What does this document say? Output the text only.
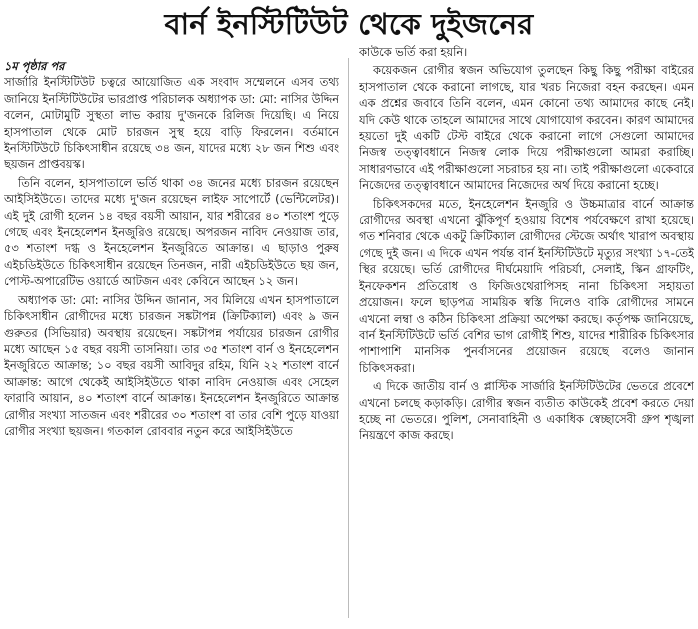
বার্ন ইনস্টিটিউট থেকে দুইজনের
১ম পৃষ্ঠার পর

সার্জারি ইনস্টিটিউট চত্বরে আয়োজিত এক সংবাদ সম্মেলনে এসব তথ্য জানিয়ে ইনস্টিটিউটের ভারপ্রাপ্ত পরিচালক অধ্যাপক ডা: মো: নাসির উদ্দিন বলেন, মোটামুটি সুস্থতা লাভ করায় দু'জনকে রিলিজ দিয়েছি। এ নিয়ে হাসপাতাল থেকে মোট চারজন সুস্থ হয়ে বাড়ি ফিরলেন। বর্তমানে ইনস্টিটিউটে চিকিৎসাধীন রয়েছে ৩৪ জন, যাদের মধ্যে ২৮ জন শিশু এবং ছয়জন প্রাপ্তবয়স্ক।

তিনি বলেন, হাসপাতালে ভর্তি থাকা ৩৪ জনের মধ্যে চারজন রয়েছেন আইসিইউতে। তাদের মধ্যে দু'জন রয়েছেন লাইফ সাপোর্টে (ভেন্টিলেটর)। এই দুই রোগী হলেন ১৪ বছর বয়সী আয়ান, যার শরীরের ৪০ শতাংশ পুড়ে গেছে এবং ইনহেলেশন ইনজুরিও রয়েছে। অপরজন নাবিদ নেওয়াজ তার, ৫৩ শতাংশ দগ্ধ ও ইনহেলেশন ইনজুরিতে আক্রান্ত। এ ছাড়াও পুরুষ এইচডিইউতে চিকিৎসাধীন রয়েছেন তিনজন, নারী এইচডিইউতে ছয় জন, পোস্ট-অপারেটিভ ওয়ার্ডে আটজন এবং কেবিনে আছেন ১২ জন।

অধ্যাপক ডা: মো: নাসির উদ্দিন জানান, সব মিলিয়ে এখন হাসপাতালে চিকিৎসাধীন রোগীদের মধ্যে চারজন সঙ্কটাপন্ন (ক্রিটিক্যাল) এবং ৯ জন গুরুতর (সিভিয়ার) অবস্থায় রয়েছেন। সঙ্কটাপন্ন পর্যায়ের চারজন রোগীর মধ্যে আছেন ১৫ বছর বয়সী তাসনিয়া। তার ৩৫ শতাংশ বার্ন ও ইনহেলেশন ইনজুরিতে আক্রান্ত; ১০ বছর বয়সী আবিদুর রহিম, যিনি ২২ শতাংশ বার্নে আক্রান্ত: আগে থেকেই আইসিইউতে থাকা নাবিদ নেওয়াজ এবং সেহেল ফারাবি আয়ান, ৪০ শতাংশ বার্নে আক্রান্ত। ইনহেলেশন ইনজুরিতে আক্রান্ত রোগীর সংখ্যা সাতজন এবং শরীরের ৩০ শতাংশ বা তার বেশি পুড়ে যাওয়া রোগীর সংখ্যা ছয়জন। গতকাল রোববার নতুন করে আইসিইউতে

কাউকে ভর্তি করা হয়নি।

কয়েকজন রোগীর স্বজন অভিযোগ তুলছেন কিছু কিছু পরীক্ষা বাইরের হাসপাতাল থেকে করানো লাগছে, যার খরচ নিজেরা বহন করছেন। এমন এক প্রশ্নের জবাবে তিনি বলেন, এমন কোনো তথ্য আমাদের কাছে নেই। যদি কেউ থাকে তাহলে আমাদের সাথে যোগাযোগ করবেন। কারণ আমাদের হয়তো দুই একটি টেস্ট বাইরে থেকে করানো লাগে সেগুলো আমাদের নিজস্ব তত্ত্বাবধানে নিজস্ব লোক দিয়ে পরীক্ষাগুলো আমরা করাচ্ছি। সাধারণভাবে এই পরীক্ষাগুলো সচরাচর হয় না। তাই পরীক্ষাগুলো একেবারে নিজেদের তত্ত্বাবধানে আমাদের নিজেদের অর্থ দিয়ে করানো হচ্ছে।

চিকিৎসকদের মতে, ইনহেলেশন ইনজুরি ও উচ্চমাত্রার বার্নে আক্রান্ত রোগীদের অবস্থা এখনো ঝুঁকিপূর্ণ হওয়ায় বিশেষ পর্যবেক্ষণে রাখা হয়েছে। গত শনিবার থেকে একটু ক্রিটিক্যাল রোগীদের স্টেজে অর্থাৎ খারাপ অবস্থায় গেছে দুই জন। এ দিকে এখন পর্যন্ত বার্ন ইনস্টিটিউটে মৃত্যুর সংখ্যা ১৭-তেই স্থির রয়েছে। ভর্তি রোগীদের দীর্ঘমেয়াদি পরিচর্যা, সেলাই, স্কিন গ্রাফটিং, ইনফেকশন প্রতিরোধ ও ফিজিওথেরাপিসহ নানা চিকিৎসা সহায়তা প্রয়োজন। ফলে ছাড়পত্র সাময়িক স্বস্তি দিলেও বাকি রোগীদের সামনে এখনো লম্বা ও কঠিন চিকিৎসা প্রক্রিয়া অপেক্ষা করছে। কর্তৃপক্ষ জানিয়েছে, বার্ন ইনস্টিটিউটে ভর্তি বেশির ভাগ রোগীই শিশু, যাদের শারীরিক চিকিৎসার পাশাপাশি মানসিক পুনর্বাসনের প্রয়োজন রয়েছে বলেও জানান চিকিৎসকরা।

এ দিকে জাতীয় বার্ন ও প্লাস্টিক সার্জারি ইনস্টিটিউটের ভেতরে প্রবেশে এখনো চলছে কড়াকড়ি। রোগীর স্বজন ব্যতীত কাউকেই প্রবেশ করতে দেয়া হচ্ছে না ভেতরে। পুলিশ, সেনাবাহিনী ও একাধিক স্বেচ্ছাসেবী গ্রুপ শৃঙ্খলা নিয়ন্ত্রণে কাজ করছে।
